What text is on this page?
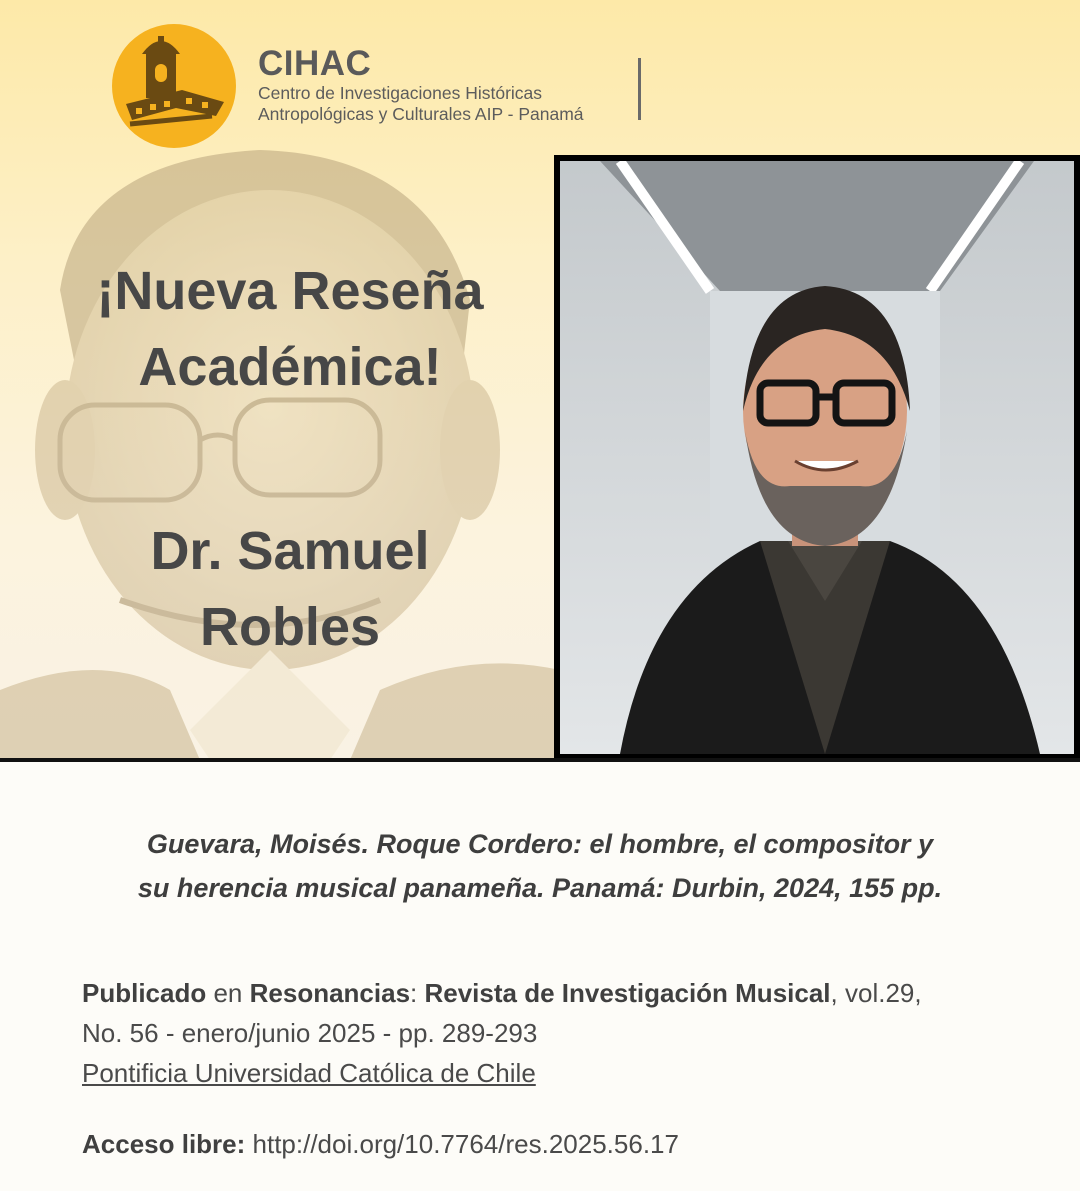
CIHAC
Centro de Investigaciones Históricas
Antropológicas y Culturales AIP - Panamá
¡Nueva Reseña
Académica!
Dr. Samuel
Robles
Guevara, Moisés. Roque Cordero: el hombre, el compositor y
su herencia musical panameña. Panamá: Durbin, 2024, 155 pp.
Publicado en Resonancias: Revista de Investigación Musical, vol.29,
No. 56 - enero/junio 2025 - pp. 289-293
Pontificia Universidad Católica de Chile
Acceso libre: http://doi.org/10.7764/res.2025.56.17
